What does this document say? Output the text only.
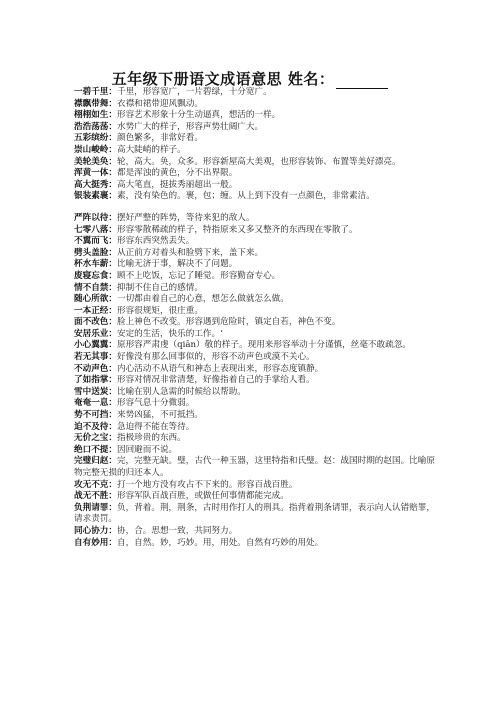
五年级下册语文成语意思 姓名：

一碧千里：千里，形容宽广，一片碧绿，十分宽广。

襟飘带舞：衣襟和裙带迎风飘动。

栩栩如生：形容艺术形象十分生动逼真，想活的一样。

浩浩荡荡：水势广大的样子，形容声势壮阔广大。

五彩缤纷：颜色繁多，非常好看。

崇山峻岭：高大陡峭的样子。

美轮美奂：轮，高大。奂，众多。形容新屋高大美观，也形容装饰、布置等美好漂亮。

浑黄一体：都是浑浊的黄色，分不出界限。

高大挺秀：高大笔直，挺拔秀丽超出一般。

银装素裹：素，没有染色的。裹，包；缠。从上到下没有一点颜色，非常素洁。

严阵以待：摆好严整的阵势，等待来犯的敌人。

七零八落：形容零散稀疏的样子，特指原来又多又整齐的东西现在零散了。

不翼而飞：形容东西突然丢失。

劈头盖脸：从正前方对着头和脸劈下来，盖下来。

杯水车薪：比喻无济于事，解决不了问题。

废寝忘食：顾不上吃饭，忘记了睡觉。形容勤奋专心。

情不自禁：抑制不住自己的感情。

随心所欲：一切都由着自己的心意，想怎么做就怎么做。

一本正经：形容很规矩，很庄重。

面不改色：脸上神色不改变。形容遇到危险时，镇定自若，神色不变。

安居乐业：安定的生活，快乐的工作。‘

小心翼翼：原形容严肃虔（qiān）敬的样子。现用来形容举动十分谨慎，丝毫不敢疏忽。

若无其事：好像没有那么回事似的，形容不动声色或漠不关心。

不动声色：内心活动不从语气和神态上表现出来，形容态度镇静。

了如指掌：形容对情况非常清楚，好像指着自己的手掌给人看。

雪中送炭：比喻在别人急需的时候给以帮助。

奄奄一息：形容气息十分微弱。

势不可挡：来势凶猛，不可抵挡。

迫不及待：急迫得不能在等待。

无价之宝：指极珍贵的东西。

绝口不提：因回避而不说。

完璧归赵：完，完整无缺。璧，古代一种玉器，这里特指和氏璧。赵：战国时期的赵国。比喻原物完整无损的归还本人。

攻无不克：打一个地方没有攻占不下来的。形容百战百胜。

战无不胜：形容军队百战百胜，或做任何事情都能完成。

负荆请罪：负，背着。荆，荆条，古时用作打人的刑具。指背着荆条请罪，表示向人认错赔罪，请求责罚。

同心协力：协，合。思想一致，共同努力。

自有妙用：自，自然。妙，巧妙。用，用处。自然有巧妙的用处。
